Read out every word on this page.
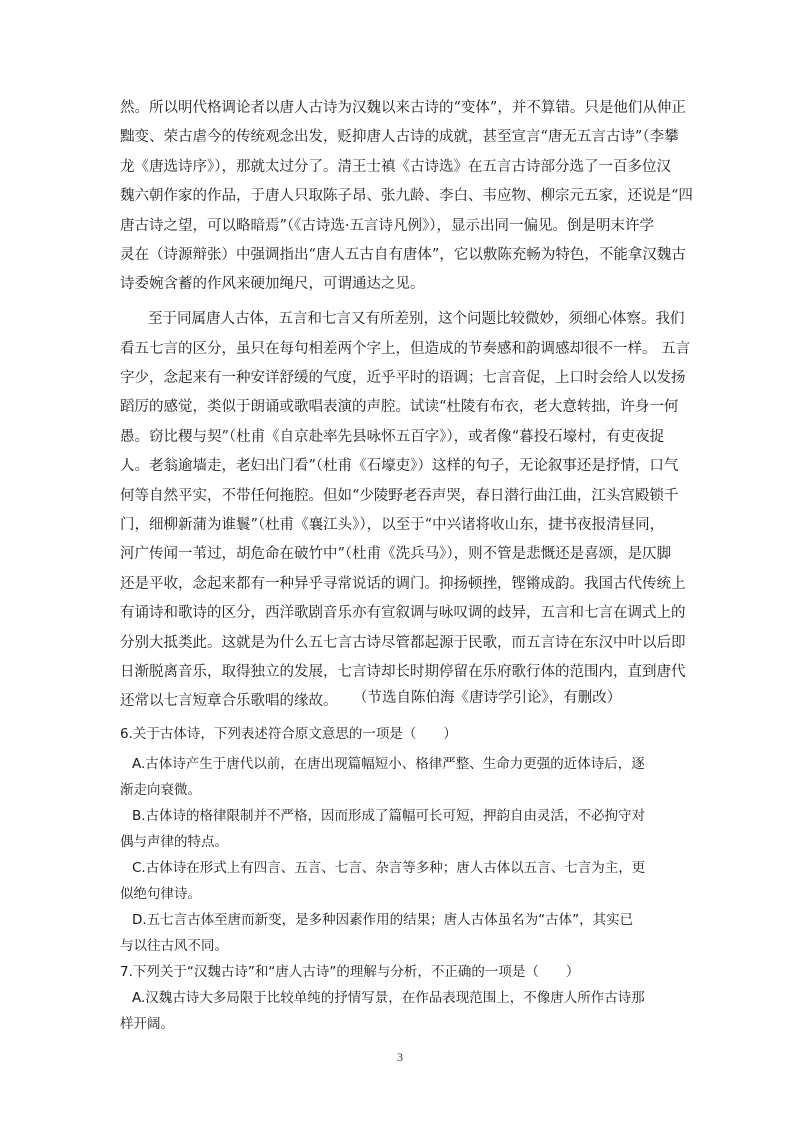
然。所以明代格调论者以唐人古诗为汉魏以来古诗的“变体”，并不算错。只是他们从伸正
黜变、荣古虐今的传统观念出发，贬抑唐人古诗的成就，甚至宣言“唐无五言古诗”（李攀
龙《唐选诗序》），那就太过分了。清王士禛《古诗选》在五言古诗部分选了一百多位汉
魏六朝作家的作品，于唐人只取陈子昂、张九龄、李白、韦应物、柳宗元五家，还说是“四
唐古诗之望，可以略暗焉”（《古诗选·五言诗凡例》），显示出同一偏见。倒是明末许学
灵在（诗源辩张）中强调指出“唐人五古自有唐体”，它以敷陈充畅为特色，不能拿汉魏古
诗委婉含蓄的作风来硬加绳尺，可谓通达之见。
至于同属唐人古体，五言和七言又有所差别，这个问题比较微妙，须细心体察。我们
看五七言的区分，虽只在每句相差两个字上，但造成的节奏感和韵调感却很不一样。 五言
字少，念起来有一种安详舒缓的气度，近乎平时的语调；七言音促，上口时会给人以发扬
蹈厉的感觉，类似于朗诵或歌唱表演的声腔。试读“杜陵有布衣，老大意转拙，许身一何
愚。窃比稷与契”（杜甫《自京赴率先县咏怀五百字》），或者像“暮投石壕村，有吏夜捉
人。老翁逾墙走，老妇出门看”（杜甫《石壕吏》）这样的句子，无论叙事还是抒情，口气
何等自然平实，不带任何拖腔。但如“少陵野老吞声哭，春日潜行曲江曲，江头宫殿锁千
门，细柳新蒲为谁鬟”（杜甫《襄江头》），以至于“中兴诸将收山东，捷书夜报清昼同，
河广传闻一苇过，胡危命在破竹中”（杜甫《洗兵马》），则不管是悲慨还是喜颂，是仄脚
还是平收，念起来都有一种异乎寻常说话的调门。抑扬顿挫，铿锵成韵。我国古代传统上
有诵诗和歌诗的区分，西洋歌剧音乐亦有宣叙调与咏叹调的歧异，五言和七言在调式上的
分别大抵类此。这就是为什么五七言古诗尽管都起源于民歌，而五言诗在东汉中叶以后即
日渐脱离音乐，取得独立的发展，七言诗却长时期停留在乐府歌行体的范围内，直到唐代
还常以七言短章合乐歌唱的缘故。	（节选自陈伯海《唐诗学引论》，有删改）
6.关于古体诗，下列表述符合原文意思的一项是（　　）
A.古体诗产生于唐代以前，在唐出现篇幅短小、格律严整、生命力更强的近体诗后，逐
渐走向衰微。
B.古体诗的格律限制并不严格，因而形成了篇幅可长可短，押韵自由灵活，不必拘守对
偶与声律的特点。
C.古体诗在形式上有四言、五言、七言、杂言等多种；唐人古体以五言、七言为主，更
似绝句律诗。
D.五七言古体至唐而新变，是多种因素作用的结果；唐人古体虽名为“古体”，其实已
与以往古风不同。
7.下列关于“汉魏古诗”和“唐人古诗”的理解与分析，不正确的一项是（　　）
A.汉魏古诗大多局限于比较单纯的抒情写景，在作品表现范围上，不像唐人所作古诗那
样开阔。
3
